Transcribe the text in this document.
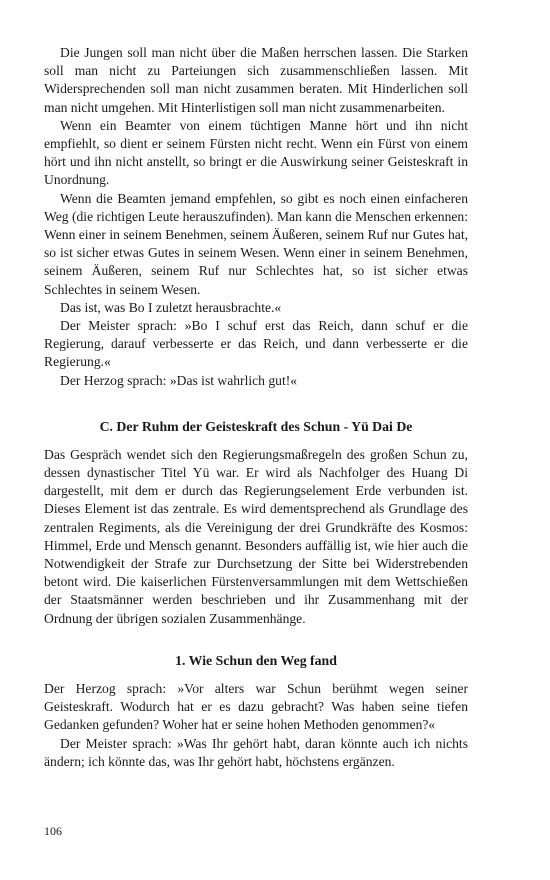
Die Jungen soll man nicht über die Maßen herrschen lassen. Die Starken soll man nicht zu Parteiungen sich zusammenschließen lassen. Mit Widersprechenden soll man nicht zusammen beraten. Mit Hinderlichen soll man nicht umgehen. Mit Hinterlistigen soll man nicht zusammenarbeiten.

Wenn ein Beamter von einem tüchtigen Manne hört und ihn nicht empfiehlt, so dient er seinem Fürsten nicht recht. Wenn ein Fürst von einem hört und ihn nicht anstellt, so bringt er die Auswirkung seiner Geisteskraft in Unordnung.

Wenn die Beamten jemand empfehlen, so gibt es noch einen einfacheren Weg (die richtigen Leute herauszufinden). Man kann die Menschen erkennen: Wenn einer in seinem Benehmen, seinem Äußeren, seinem Ruf nur Gutes hat, so ist sicher etwas Gutes in seinem Wesen. Wenn einer in seinem Benehmen, seinem Äußeren, seinem Ruf nur Schlechtes hat, so ist sicher etwas Schlechtes in seinem Wesen.

Das ist, was Bo I zuletzt herausbrachte.«

Der Meister sprach: »Bo I schuf erst das Reich, dann schuf er die Regierung, darauf verbesserte er das Reich, und dann verbesserte er die Regierung.«

Der Herzog sprach: »Das ist wahrlich gut!«

C. Der Ruhm der Geisteskraft des Schun - Yü Dai De

Das Gespräch wendet sich den Regierungsmaßregeln des großen Schun zu, dessen dynastischer Titel Yü war. Er wird als Nachfolger des Huang Di dargestellt, mit dem er durch das Regierungselement Erde verbunden ist. Dieses Element ist das zentrale. Es wird dementsprechend als Grundlage des zentralen Regiments, als die Vereinigung der drei Grundkräfte des Kosmos: Himmel, Erde und Mensch genannt. Besonders auffällig ist, wie hier auch die Notwendigkeit der Strafe zur Durchsetzung der Sitte bei Widerstrebenden betont wird. Die kaiserlichen Fürstenversammlungen mit dem Wettschießen der Staatsmänner werden beschrieben und ihr Zusammenhang mit der Ordnung der übrigen sozialen Zusammenhänge.

1. Wie Schun den Weg fand

Der Herzog sprach: »Vor alters war Schun berühmt wegen seiner Geisteskraft. Wodurch hat er es dazu gebracht? Was haben seine tiefen Gedanken gefunden? Woher hat er seine hohen Methoden genommen?«

Der Meister sprach: »Was Ihr gehört habt, daran könnte auch ich nichts ändern; ich könnte das, was Ihr gehört habt, höchstens ergänzen.

106
